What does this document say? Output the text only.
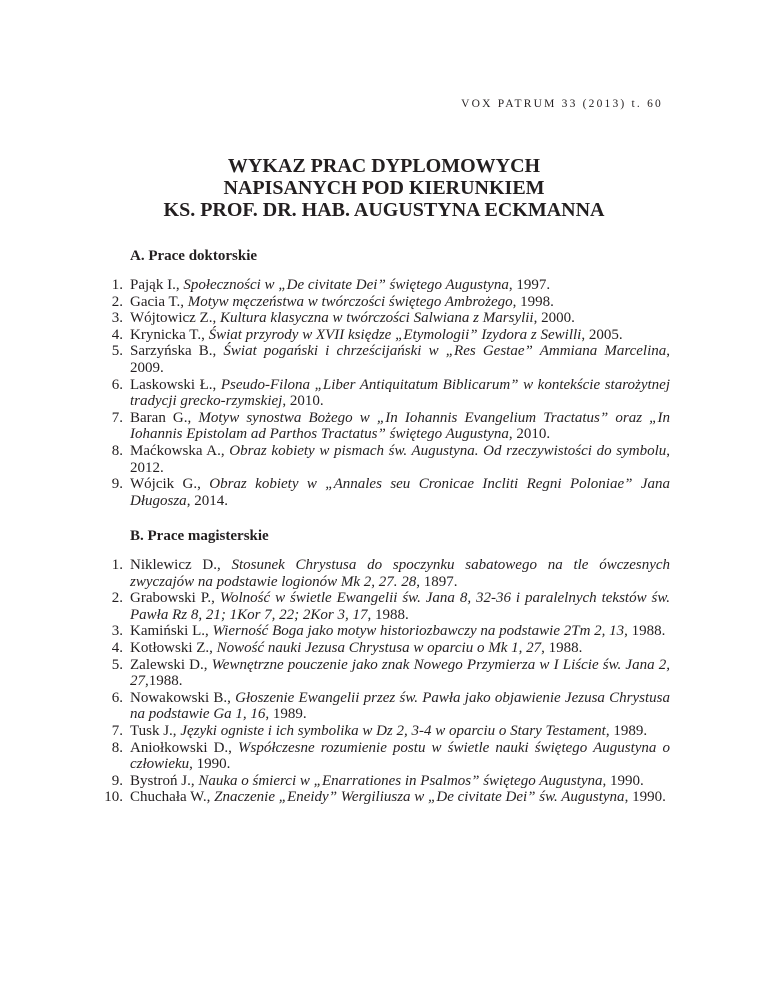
VOX PATRUM 33 (2013) t. 60
WYKAZ PRAC DYPLOMOWYCH
NAPISANYCH POD KIERUNKIEM
KS. PROF. DR. HAB. AUGUSTYNA ECKMANNA
A. Prace doktorskie

1. Pająk I., Społeczności w „De civitate Dei” świętego Augustyna, 1997.

2. Gacia T., Motyw męczeństwa w twórczości świętego Ambrożego, 1998.

3. Wójtowicz Z., Kultura klasyczna w twórczości Salwiana z Marsylii, 2000.

4. Krynicka T., Świat przyrody w XVII księdze „Etymologii” Izydora z Sewilli, 2005.

5. Sarzyńska B., Świat pogański i chrześcijański w „Res Gestae” Ammiana Marcelina, 2009.

6. Laskowski Ł., Pseudo-Filona „Liber Antiquitatum Biblicarum” w kontekście starożytnej tradycji grecko-rzymskiej, 2010.

7. Baran G., Motyw synostwa Bożego w „In Iohannis Evangelium Tractatus” oraz „In Iohannis Epistolam ad Parthos Tractatus” świętego Augustyna, 2010.

8. Maćkowska A., Obraz kobiety w pismach św. Augustyna. Od rzeczywistości do symbolu, 2012.

9. Wójcik G., Obraz kobiety w „Annales seu Cronicae Incliti Regni Poloniae” Jana Długosza, 2014.

B. Prace magisterskie

1. Niklewicz D., Stosunek Chrystusa do spoczynku sabatowego na tle ówczesnych zwyczajów na podstawie logionów Mk 2, 27. 28, 1897.

2. Grabowski P., Wolność w świetle Ewangelii św. Jana 8, 32-36 i paralelnych tekstów św. Pawła Rz 8, 21; 1Kor 7, 22; 2Kor 3, 17, 1988.

3. Kamiński L., Wierność Boga jako motyw historiozbawczy na podstawie 2Tm 2, 13, 1988.

4. Kotłowski Z., Nowość nauki Jezusa Chrystusa w oparciu o Mk 1, 27, 1988.

5. Zalewski D., Wewnętrzne pouczenie jako znak Nowego Przymierza w I Liście św. Jana 2, 27,1988.

6. Nowakowski B., Głoszenie Ewangelii przez św. Pawła jako objawienie Jezusa Chrystusa na podstawie Ga 1, 16, 1989.

7. Tusk J., Języki ogniste i ich symbolika w Dz 2, 3-4 w oparciu o Stary Testament, 1989.

8. Aniołkowski D., Współczesne rozumienie postu w świetle nauki świętego Augustyna o człowieku, 1990.

9. Bystroń J., Nauka o śmierci w „Enarrationes in Psalmos” świętego Augustyna, 1990.

10. Chuchała W., Znaczenie „Eneidy” Wergiliusza w „De civitate Dei” św. Augustyna, 1990.
